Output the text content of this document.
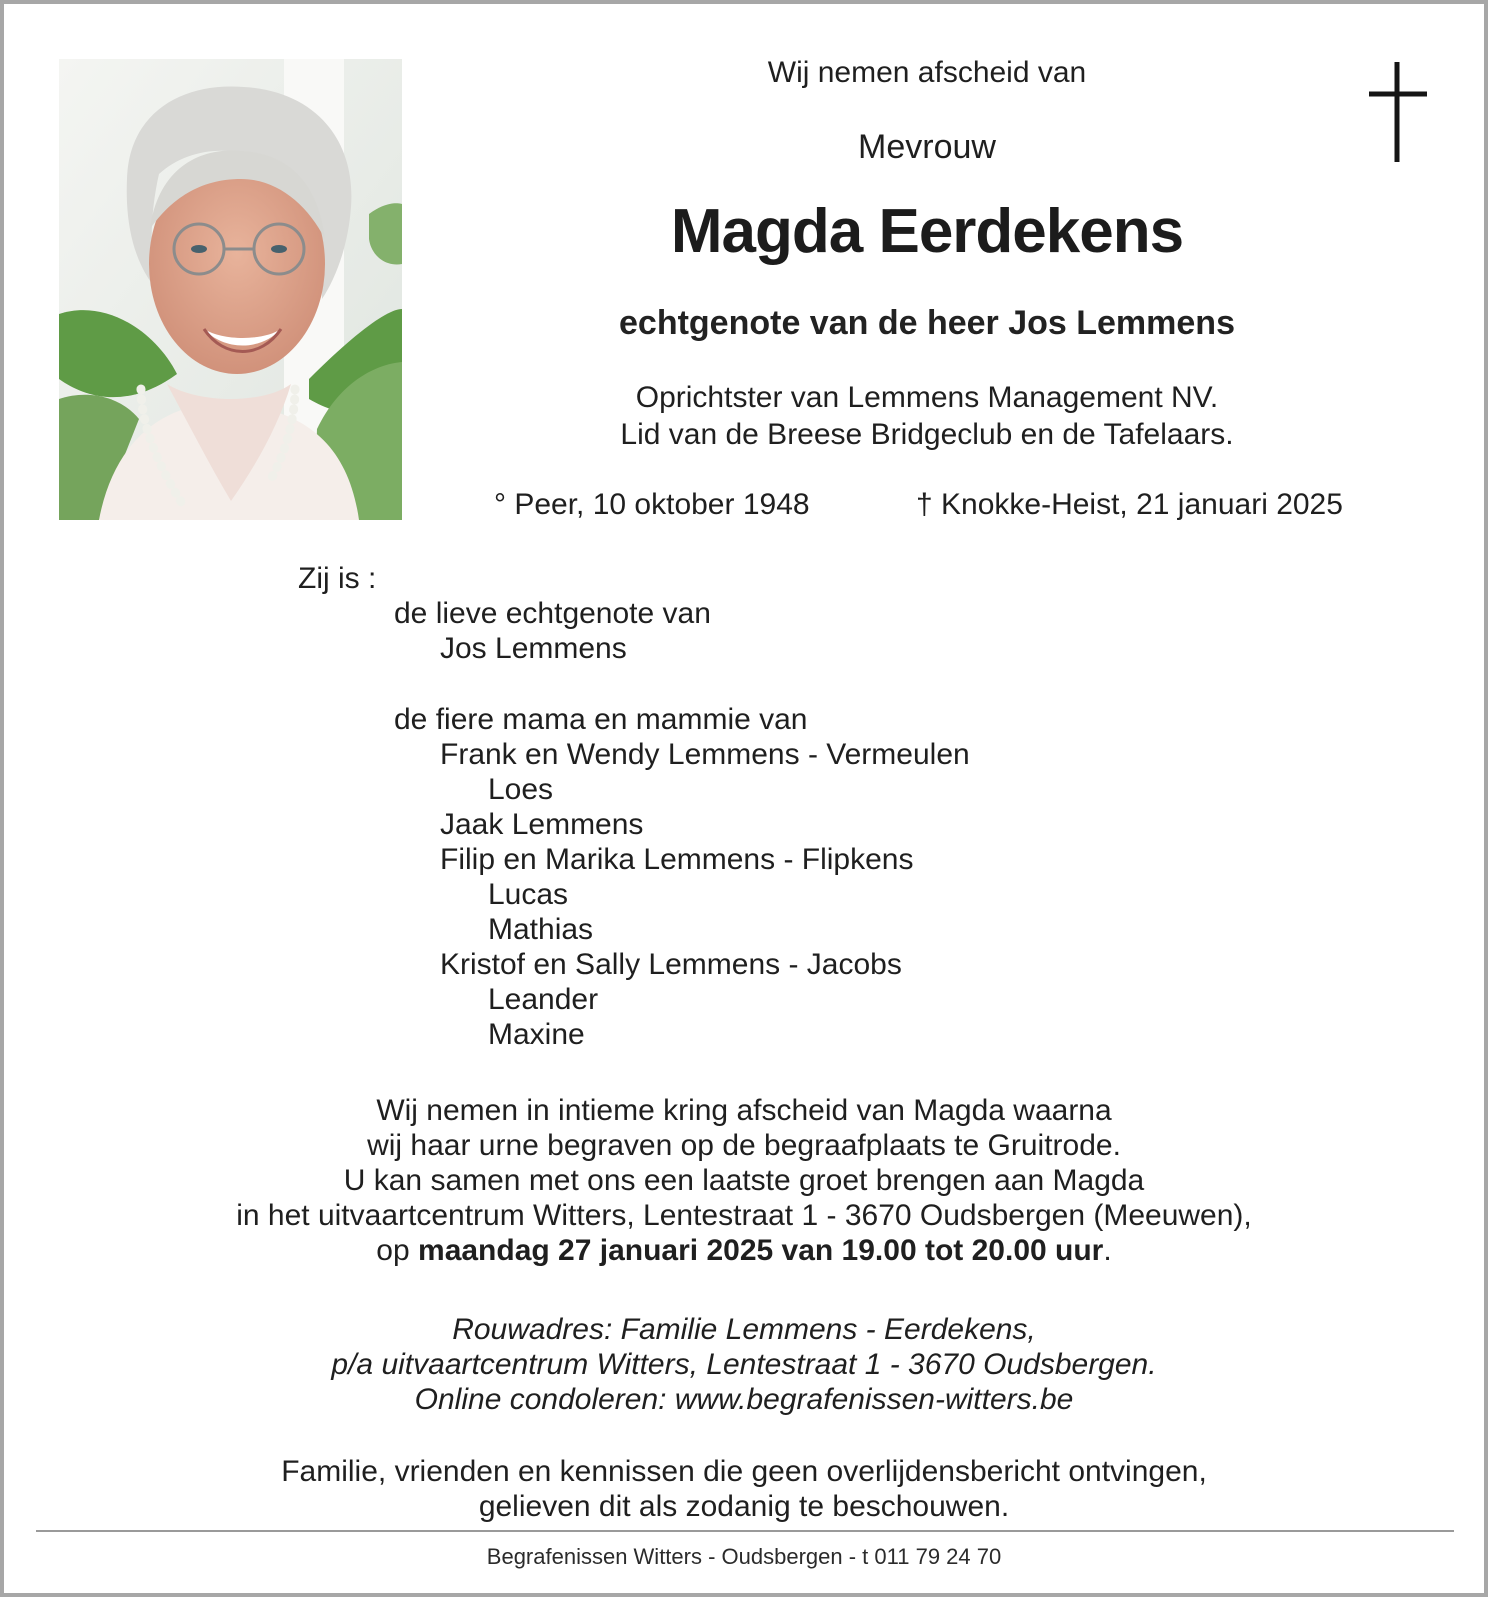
Wij nemen afscheid van
Mevrouw
Magda Eerdekens
echtgenote van de heer Jos Lemmens
Oprichtster van Lemmens Management NV.
Lid van de Breese Bridgeclub en de Tafelaars.
° Peer, 10 oktober 1948	† Knokke-Heist, 21 januari 2025
Zij is :
de lieve echtgenote van
Jos Lemmens
de fiere mama en mammie van
Frank en Wendy Lemmens - Vermeulen
Loes
Jaak Lemmens
Filip en Marika Lemmens - Flipkens
Lucas
Mathias
Kristof en Sally Lemmens - Jacobs
Leander
Maxine
Wij nemen in intieme kring afscheid van Magda waarna
wij haar urne begraven op de begraafplaats te Gruitrode.
U kan samen met ons een laatste groet brengen aan Magda
in het uitvaartcentrum Witters, Lentestraat 1 - 3670 Oudsbergen (Meeuwen),
op maandag 27 januari 2025 van 19.00 tot 20.00 uur.
Rouwadres: Familie Lemmens - Eerdekens,
p/a uitvaartcentrum Witters, Lentestraat 1 - 3670 Oudsbergen.
Online condoleren: www.begrafenissen-witters.be
Familie, vrienden en kennissen die geen overlijdensbericht ontvingen,
gelieven dit als zodanig te beschouwen.
Begrafenissen Witters - Oudsbergen - t 011 79 24 70
